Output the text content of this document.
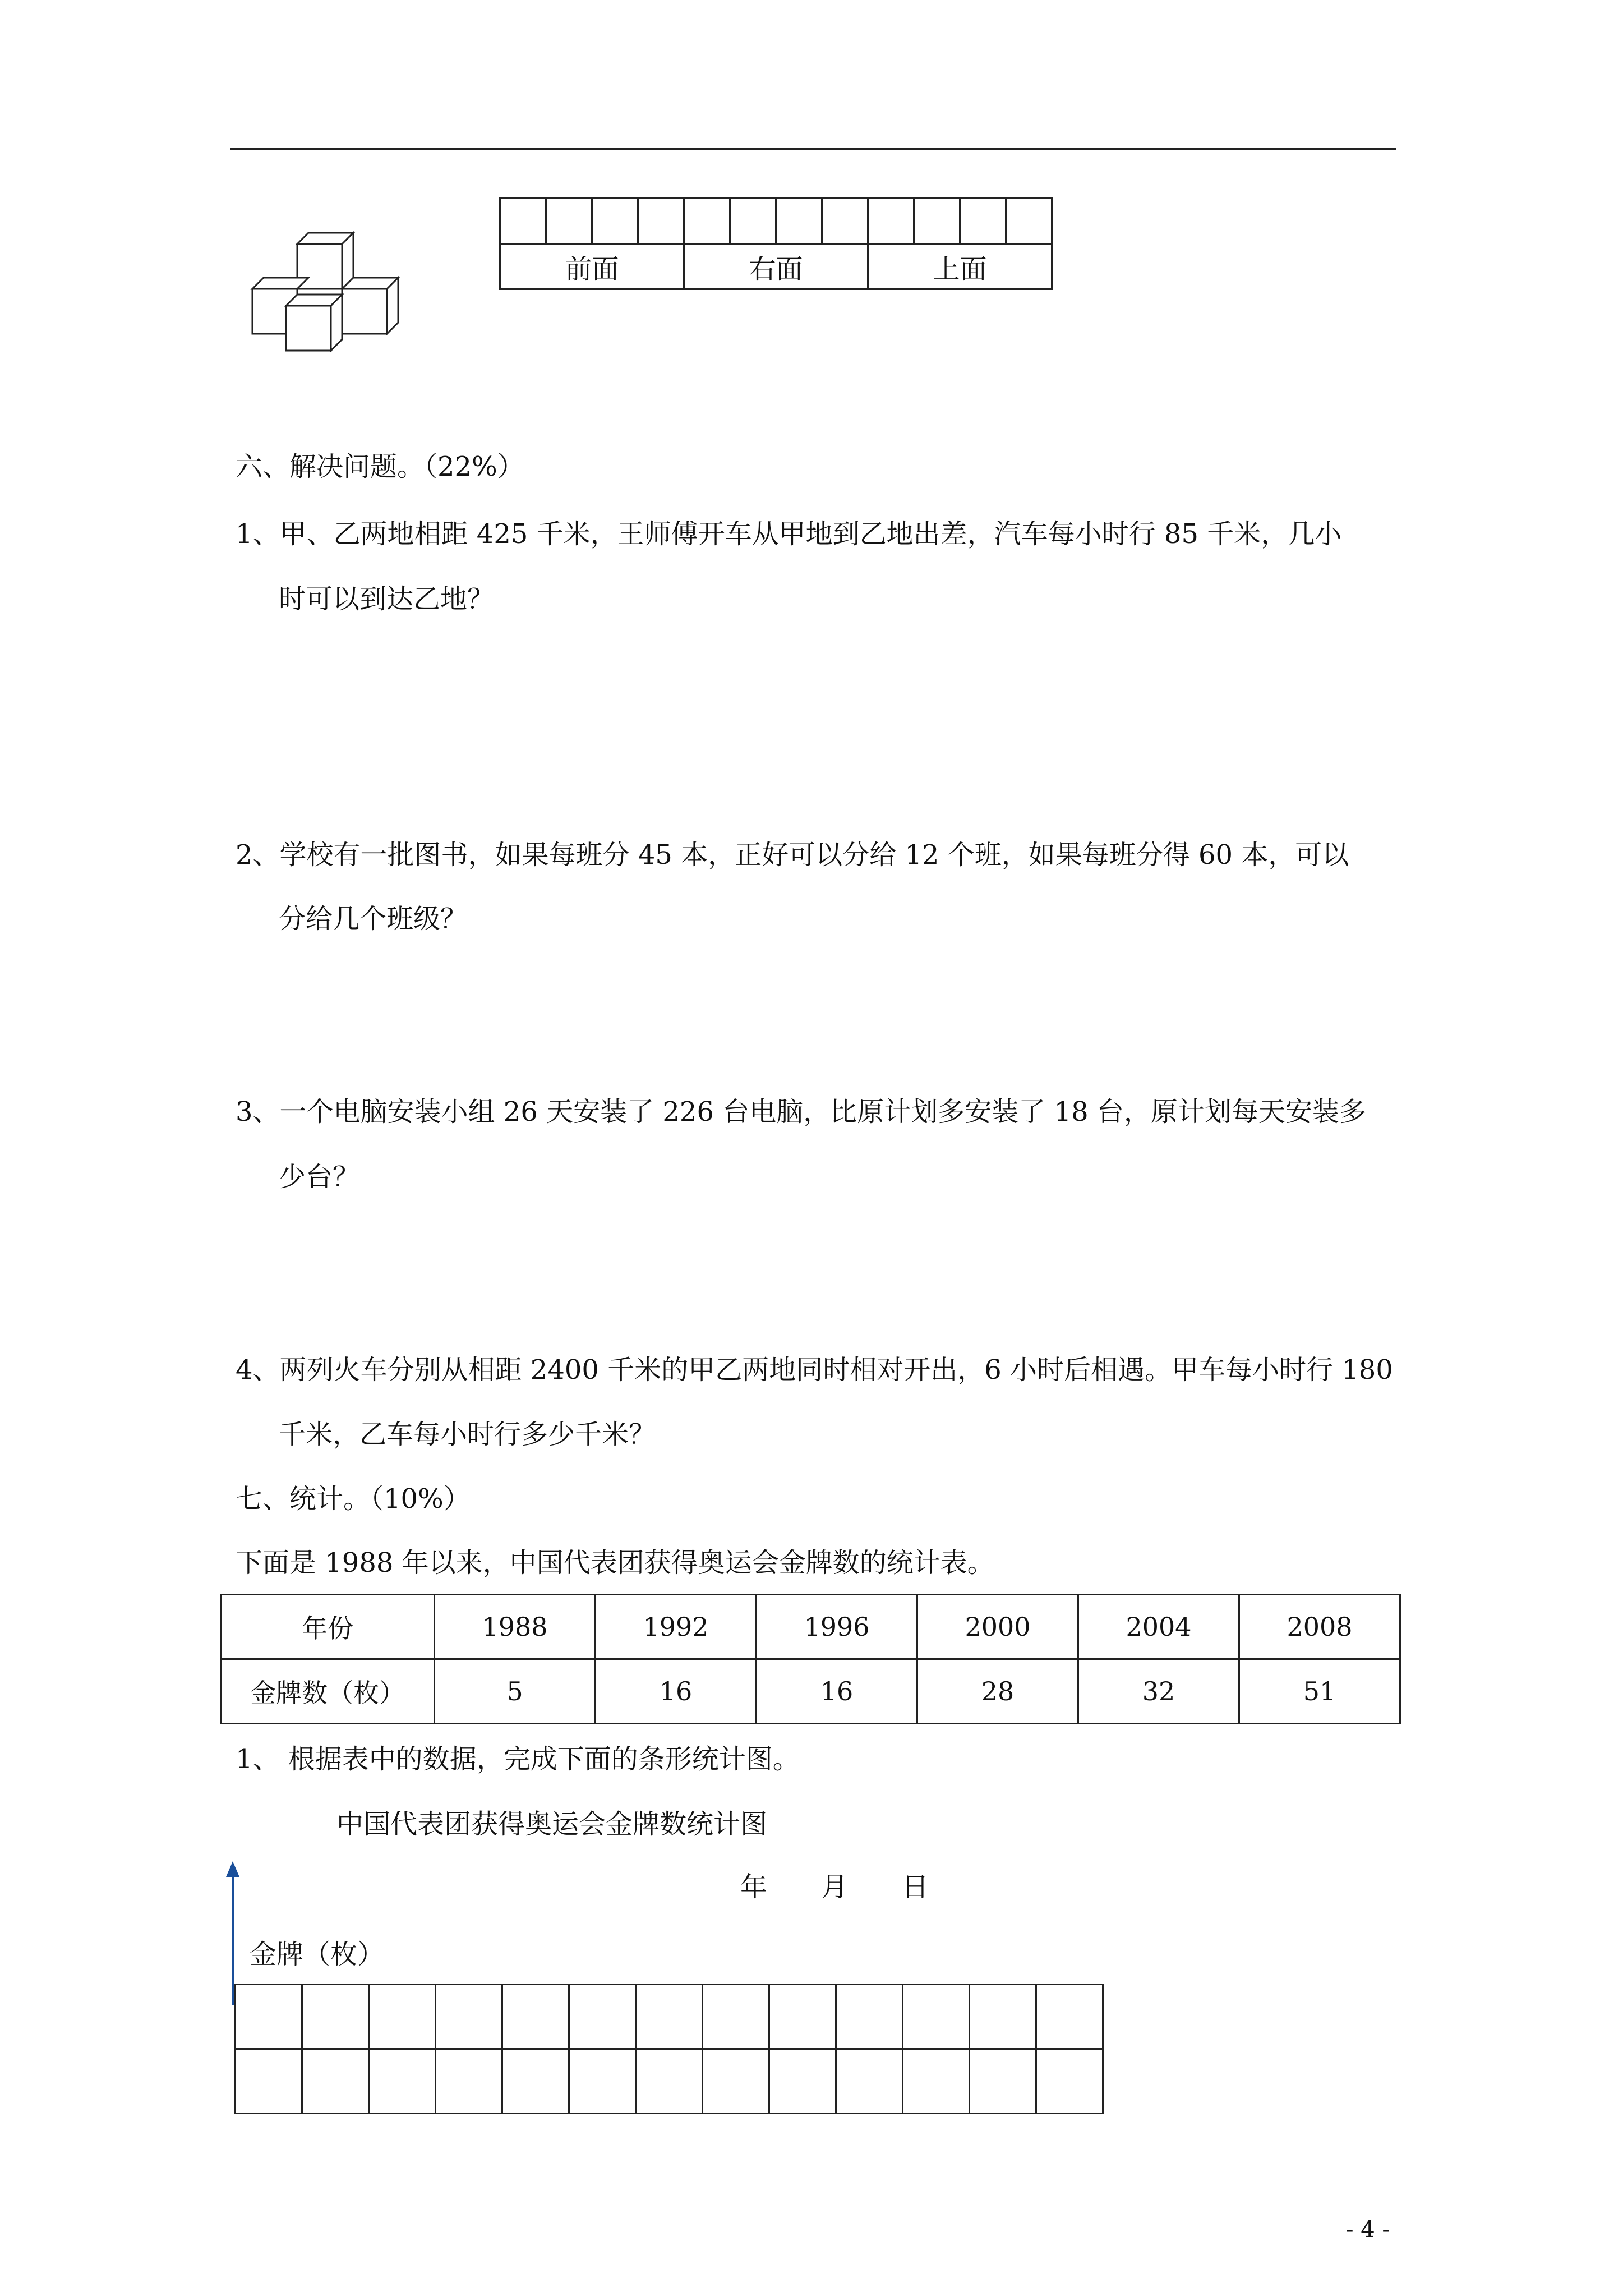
前面				右面				上面			
六、解决问题。（22%）
1、甲、乙两地相距 425 千米，王师傅开车从甲地到乙地出差，汽车每小时行 85 千米，几小
时可以到达乙地？
2、学校有一批图书，如果每班分 45 本，正好可以分给 12 个班，如果每班分得 60 本，可以
分给几个班级？
3、一个电脑安装小组 26 天安装了 226 台电脑，比原计划多安装了 18 台，原计划每天安装多
少台？
4、两列火车分别从相距 2400 千米的甲乙两地同时相对开出，6 小时后相遇。甲车每小时行 180
千米，乙车每小时行多少千米？
七、统计。（10%）
下面是 1988 年以来，中国代表团获得奥运会金牌数的统计表。
年份	1988	1992	1996	2000	2004	2008
金牌数（枚）	5	16	16	28	32	51
1、 根据表中的数据，完成下面的条形统计图。
中国代表团获得奥运会金牌数统计图
年　　月　　日
金牌（枚）

- 4 -
